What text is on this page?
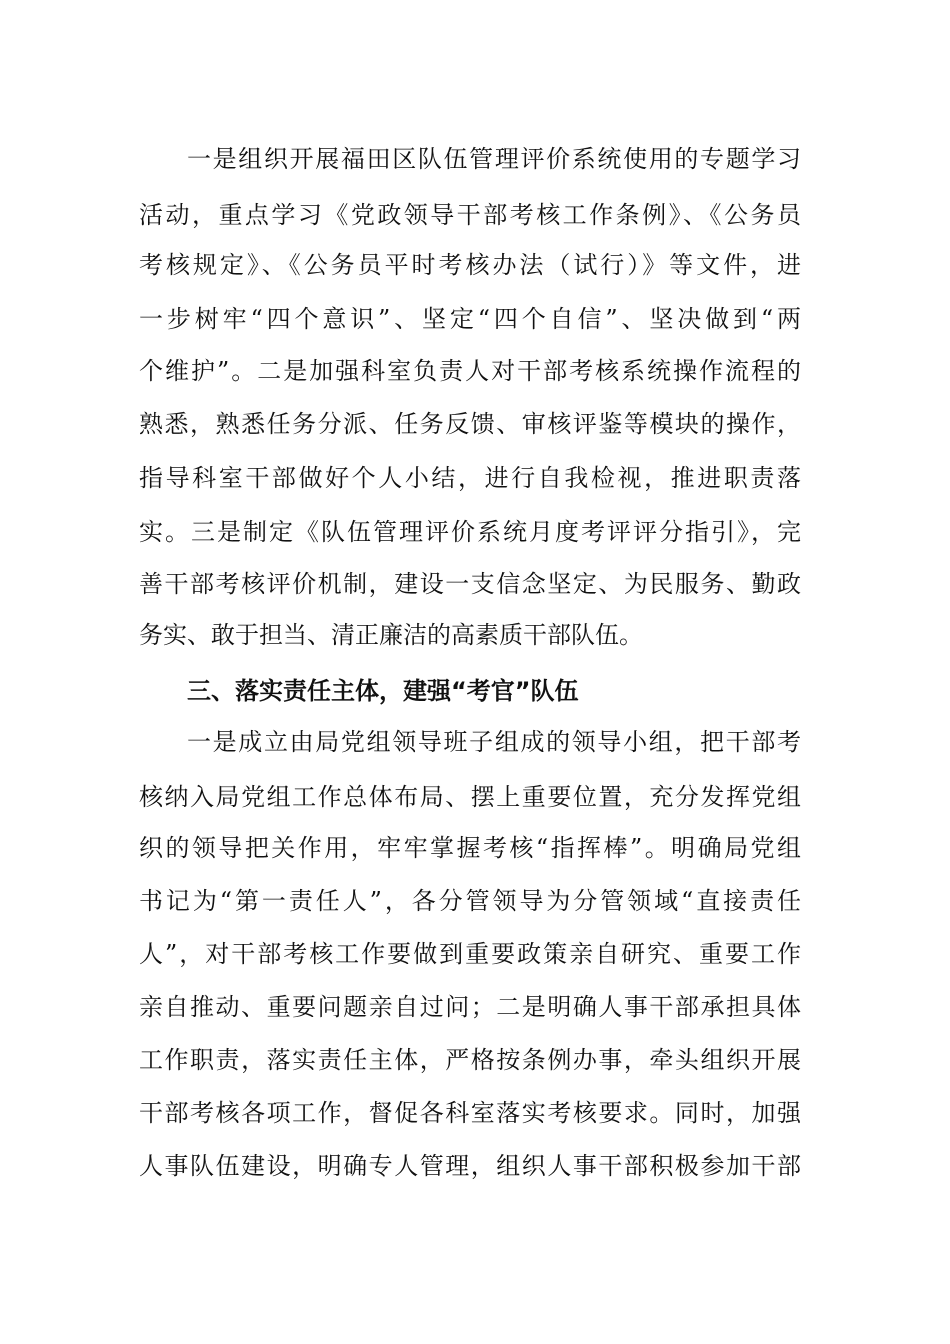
一是组织开展福田区队伍管理评价系统使用的专题学习
活动，重点学习《党政领导干部考核工作条例》、《公务员
考核规定》、《公务员平时考核办法（试行）》等文件，进
一步树牢“四个意识”、坚定“四个自信”、坚决做到“两
个维护”。二是加强科室负责人对干部考核系统操作流程的
熟悉，熟悉任务分派、任务反馈、审核评鉴等模块的操作，
指导科室干部做好个人小结，进行自我检视，推进职责落
实。三是制定《队伍管理评价系统月度考评评分指引》，完
善干部考核评价机制，建设一支信念坚定、为民服务、勤政
务实、敢于担当、清正廉洁的高素质干部队伍。
三、落实责任主体，建强“考官”队伍
一是成立由局党组领导班子组成的领导小组，把干部考
核纳入局党组工作总体布局、摆上重要位置，充分发挥党组
织的领导把关作用，牢牢掌握考核“指挥棒”。明确局党组
书记为“第一责任人”，各分管领导为分管领域“直接责任
人”，对干部考核工作要做到重要政策亲自研究、重要工作
亲自推动、重要问题亲自过问；二是明确人事干部承担具体
工作职责，落实责任主体，严格按条例办事，牵头组织开展
干部考核各项工作，督促各科室落实考核要求。同时，加强
人事队伍建设，明确专人管理，组织人事干部积极参加干部
